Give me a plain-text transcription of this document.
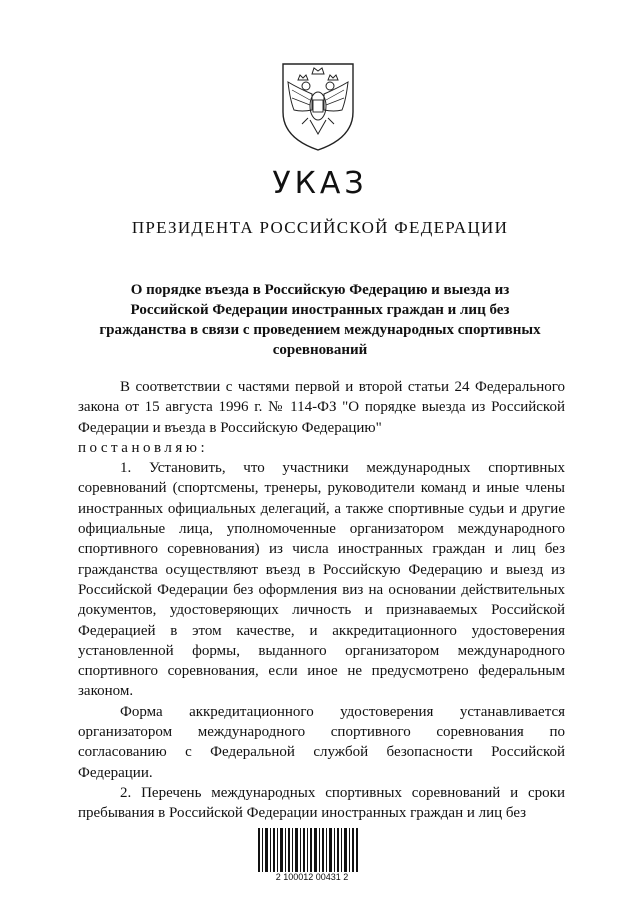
УКАЗ
ПРЕЗИДЕНТА РОССИЙСКОЙ ФЕДЕРАЦИИ
О порядке въезда в Российскую Федерацию и выезда из Российской Федерации иностранных граждан и лиц без гражданства в связи с проведением международных спортивных соревнований

В соответствии с частями первой и второй статьи 24 Федерального закона от 15 августа 1996 г. № 114-ФЗ "О порядке выезда из Российской Федерации и въезда в Российскую Федерацию"

постановляю:

1. Установить, что участники международных спортивных соревнований (спортсмены, тренеры, руководители команд и иные члены иностранных официальных делегаций, а также спортивные судьи и другие официальные лица, уполномоченные организатором международного спортивного соревнования) из числа иностранных граждан и лиц без гражданства осуществляют въезд в Российскую Федерацию и выезд из Российской Федерации без оформления виз на основании действительных документов, удостоверяющих личность и признаваемых Российской Федерацией в этом качестве, и аккредитационного удостоверения установленной формы, выданного организатором международного спортивного соревнования, если иное не предусмотрено федеральным законом.

Форма аккредитационного удостоверения устанавливается организатором международного спортивного соревнования по согласованию с Федеральной службой безопасности Российской Федерации.

2. Перечень международных спортивных соревнований и сроки пребывания в Российской Федерации иностранных граждан и лиц без

2 100012 00431 2
